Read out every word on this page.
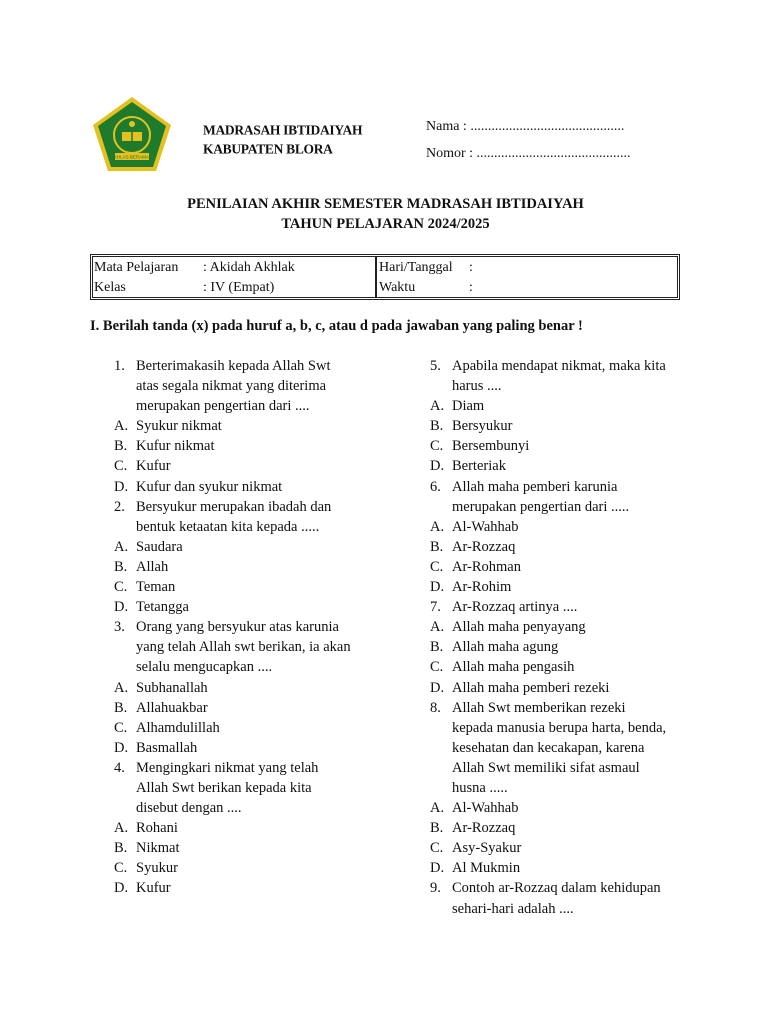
IKHLAS BERAMAL
MADRASAH IBTIDAIYAH
KABUPATEN BLORA
Nama : ............................................
Nomor : ............................................
PENILAIAN AKHIR SEMESTER MADRASAH IBTIDAIYAH
TAHUN PELAJARAN 2024/2025
Mata Pelajaran : Akidah Akhlak
Kelas	: IV (Empat)
Hari/Tanggal :
Waktu	:
I. Berilah tanda (x) pada huruf a, b, c, atau d pada jawaban yang paling benar !
1. Berterimakasih kepada Allah Swt
atas segala nikmat yang diterima
merupakan pengertian dari ....
A. Syukur nikmat
B. Kufur nikmat
C. Kufur
D. Kufur dan syukur nikmat
2. Bersyukur merupakan ibadah dan
bentuk ketaatan kita kepada .....
A. Saudara
B. Allah
C. Teman
D. Tetangga
3. Orang yang bersyukur atas karunia
yang telah Allah swt berikan, ia akan
selalu mengucapkan ....
A. Subhanallah
B. Allahuakbar
C. Alhamdulillah
D. Basmallah
4. Mengingkari nikmat yang telah
Allah Swt berikan kepada kita
disebut dengan ....
A. Rohani
B. Nikmat
C. Syukur
D. Kufur
5. Apabila mendapat nikmat, maka kita
harus ....
A. Diam
B. Bersyukur
C. Bersembunyi
D. Berteriak
6. Allah maha pemberi karunia
merupakan pengertian dari .....
A. Al-Wahhab
B. Ar-Rozzaq
C. Ar-Rohman
D. Ar-Rohim
7. Ar-Rozzaq artinya ....
A. Allah maha penyayang
B. Allah maha agung
C. Allah maha pengasih
D. Allah maha pemberi rezeki
8. Allah Swt memberikan rezeki
kepada manusia berupa harta, benda,
kesehatan dan kecakapan, karena
Allah Swt memiliki sifat asmaul
husna .....
A. Al-Wahhab
B. Ar-Rozzaq
C. Asy-Syakur
D. Al Mukmin
9. Contoh ar-Rozzaq dalam kehidupan
sehari-hari adalah ....
